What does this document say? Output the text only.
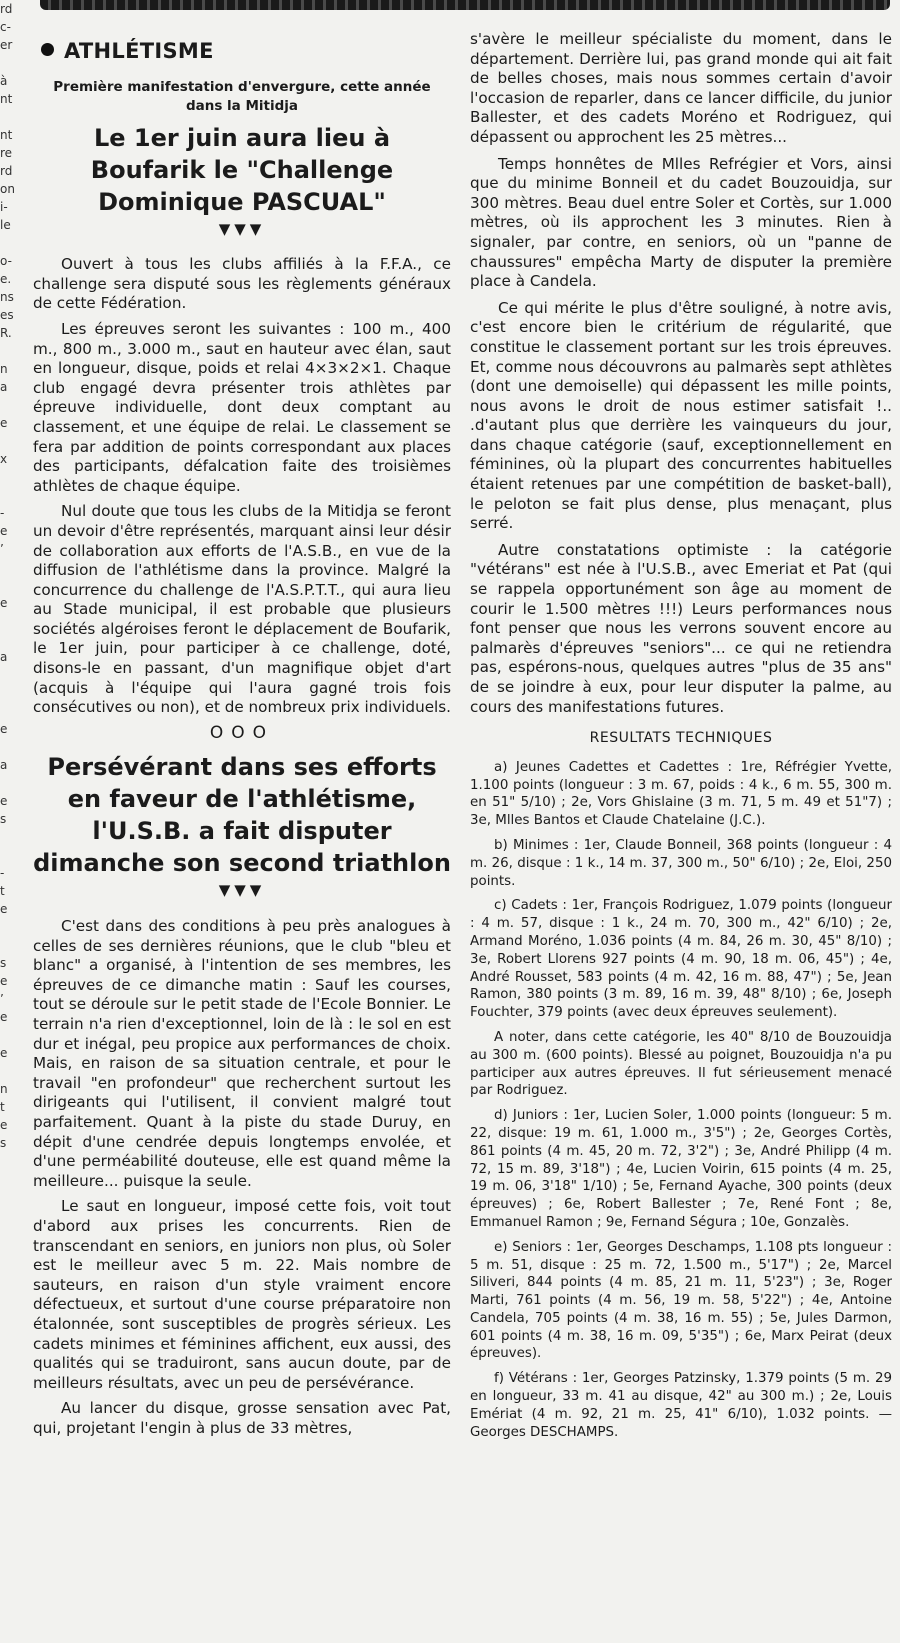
rd
c-
er
à
nt
nt
re
rd
on
i-
le
o-
e.
ns
es
R.
n
a
e
x
-
e
’
e
a
e
a
e
s
-
t
e
s
e
’
e
e
n
t
e
s
ATHLÉTISME
Première manifestation d'envergure, cette année dans la Mitidja
Le 1er juin aura lieu à Boufarik le "Challenge Dominique PASCUAL"
▼▼▼

Ouvert à tous les clubs affiliés à la F.F.A., ce challenge sera disputé sous les règlements généraux de cette Fédération.

Les épreuves seront les suivantes : 100 m., 400 m., 800 m., 3.000 m., saut en hauteur avec élan, saut en longueur, disque, poids et relai 4×3×2×1. Chaque club engagé devra présenter trois athlètes par épreuve individuelle, dont deux comptant au classement, et une équipe de relai. Le classement se fera par addition de points correspondant aux places des participants, défalcation faite des troisièmes athlètes de chaque équipe.

Nul doute que tous les clubs de la Mitidja se feront un devoir d'être représentés, marquant ainsi leur désir de collaboration aux efforts de l'A.S.B., en vue de la diffusion de l'athlétisme dans la province. Malgré la concurrence du challenge de l'A.S.P.T.T., qui aura lieu au Stade municipal, il est probable que plusieurs sociétés algéroises feront le déplacement de Boufarik, le 1er juin, pour participer à ce challenge, doté, disons-le en passant, d'un magnifique objet d'art (acquis à l'équipe qui l'aura gagné trois fois consécutives ou non), et de nombreux prix individuels.

OOO
Persévérant dans ses efforts en faveur de l'athlétisme, l'U.S.B. a fait disputer dimanche son second triathlon
▼▼▼

C'est dans des conditions à peu près analogues à celles de ses dernières réunions, que le club "bleu et blanc" a organisé, à l'intention de ses membres, les épreuves de ce dimanche matin : Sauf les courses, tout se déroule sur le petit stade de l'Ecole Bonnier. Le terrain n'a rien d'exceptionnel, loin de là : le sol en est dur et inégal, peu propice aux performances de choix. Mais, en raison de sa situation centrale, et pour le travail "en profondeur" que recherchent surtout les dirigeants qui l'utilisent, il convient malgré tout parfaitement. Quant à la piste du stade Duruy, en dépit d'une cendrée depuis longtemps envolée, et d'une perméabilité douteuse, elle est quand même la meilleure... puisque la seule.

Le saut en longueur, imposé cette fois, voit tout d'abord aux prises les concurrents. Rien de transcendant en seniors, en juniors non plus, où Soler est le meilleur avec 5 m. 22. Mais nombre de sauteurs, en raison d'un style vraiment encore défectueux, et surtout d'une course préparatoire non étalonnée, sont susceptibles de progrès sérieux. Les cadets minimes et féminines affichent, eux aussi, des qualités qui se traduiront, sans aucun doute, par de meilleurs résultats, avec un peu de persévérance.

Au lancer du disque, grosse sensation avec Pat, qui, projetant l'engin à plus de 33 mètres,

s'avère le meilleur spécialiste du moment, dans le département. Derrière lui, pas grand monde qui ait fait de belles choses, mais nous sommes certain d'avoir l'occasion de reparler, dans ce lancer difficile, du junior Ballester, et des cadets Moréno et Rodriguez, qui dépassent ou approchent les 25 mètres...

Temps honnêtes de Mlles Refrégier et Vors, ainsi que du minime Bonneil et du cadet Bouzouidja, sur 300 mètres. Beau duel entre Soler et Cortès, sur 1.000 mètres, où ils approchent les 3 minutes. Rien à signaler, par contre, en seniors, où un "panne de chaussures" empêcha Marty de disputer la première place à Candela.

Ce qui mérite le plus d'être souligné, à notre avis, c'est encore bien le critérium de régularité, que constitue le classement portant sur les trois épreuves. Et, comme nous découvrons au palmarès sept athlètes (dont une demoiselle) qui dépassent les mille points, nous avons le droit de nous estimer satisfait !.. .d'autant plus que derrière les vainqueurs du jour, dans chaque catégorie (sauf, exceptionnellement en féminines, où la plupart des concurrentes habituelles étaient retenues par une compétition de basket-ball), le peloton se fait plus dense, plus menaçant, plus serré.

Autre constatations optimiste : la catégorie "vétérans" est née à l'U.S.B., avec Emeriat et Pat (qui se rappela opportunément son âge au moment de courir le 1.500 mètres !!!) Leurs performances nous font penser que nous les verrons souvent encore au palmarès d'épreuves "seniors"... ce qui ne retiendra pas, espérons-nous, quelques autres "plus de 35 ans" de se joindre à eux, pour leur disputer la palme, au cours des manifestations futures.

RESULTATS TECHNIQUES

a) Jeunes Cadettes et Cadettes : 1re, Réfrégier Yvette, 1.100 points (longueur : 3 m. 67, poids : 4 k., 6 m. 55, 300 m. en 51" 5/10) ; 2e, Vors Ghislaine (3 m. 71, 5 m. 49 et 51"7) ; 3e, Mlles Bantos et Claude Chatelaine (J.C.).

b) Minimes : 1er, Claude Bonneil, 368 points (longueur : 4 m. 26, disque : 1 k., 14 m. 37, 300 m., 50" 6/10) ; 2e, Eloi, 250 points.

c) Cadets : 1er, François Rodriguez, 1.079 points (longueur : 4 m. 57, disque : 1 k., 24 m. 70, 300 m., 42" 6/10) ; 2e, Armand Moréno, 1.036 points (4 m. 84, 26 m. 30, 45" 8/10) ; 3e, Robert Llorens 927 points (4 m. 90, 18 m. 06, 45") ; 4e, André Rousset, 583 points (4 m. 42, 16 m. 88, 47") ; 5e, Jean Ramon, 380 points (3 m. 89, 16 m. 39, 48" 8/10) ; 6e, Joseph Fouchter, 379 points (avec deux épreuves seulement).

A noter, dans cette catégorie, les 40" 8/10 de Bouzouidja au 300 m. (600 points). Blessé au poignet, Bouzouidja n'a pu participer aux autres épreuves. Il fut sérieusement menacé par Rodriguez.

d) Juniors : 1er, Lucien Soler, 1.000 points (longueur: 5 m. 22, disque: 19 m. 61, 1.000 m., 3'5") ; 2e, Georges Cortès, 861 points (4 m. 45, 20 m. 72, 3'2") ; 3e, André Philipp (4 m. 72, 15 m. 89, 3'18") ; 4e, Lucien Voirin, 615 points (4 m. 25, 19 m. 06, 3'18" 1/10) ; 5e, Fernand Ayache, 300 points (deux épreuves) ; 6e, Robert Ballester ; 7e, René Font ; 8e, Emmanuel Ramon ; 9e, Fernand Ségura ; 10e, Gonzalès.

e) Seniors : 1er, Georges Deschamps, 1.108 pts longueur : 5 m. 51, disque : 25 m. 72, 1.500 m., 5'17") ; 2e, Marcel Siliveri, 844 points (4 m. 85, 21 m. 11, 5'23") ; 3e, Roger Marti, 761 points (4 m. 56, 19 m. 58, 5'22") ; 4e, Antoine Candela, 705 points (4 m. 38, 16 m. 55) ; 5e, Jules Darmon, 601 points (4 m. 38, 16 m. 09, 5'35") ; 6e, Marx Peirat (deux épreuves).

f) Vétérans : 1er, Georges Patzinsky, 1.379 points (5 m. 29 en longueur, 33 m. 41 au disque, 42" au 300 m.) ; 2e, Louis Emériat (4 m. 92, 21 m. 25, 41" 6/10), 1.032 points. — Georges DESCHAMPS.
